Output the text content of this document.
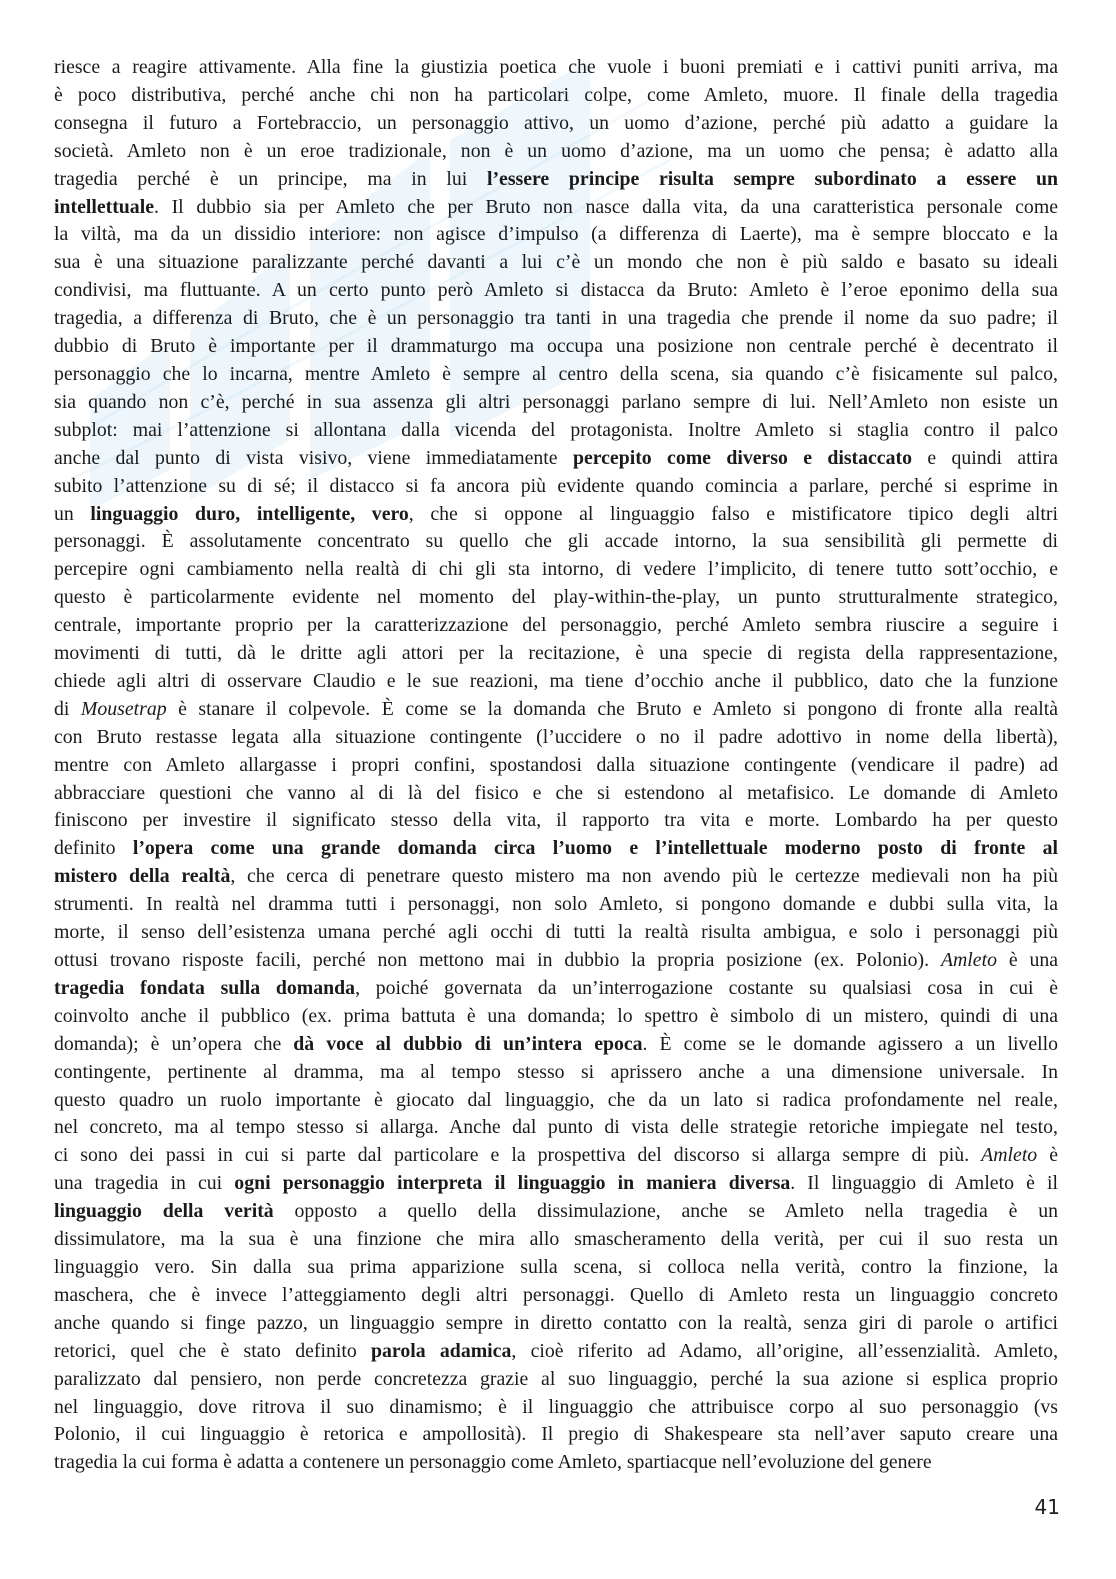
riesce a reagire attivamente. Alla fine la giustizia poetica che vuole i buoni premiati e i cattivi puniti arriva, ma
è poco distributiva, perché anche chi non ha particolari colpe, come Amleto, muore. Il finale della tragedia
consegna il futuro a Fortebraccio, un personaggio attivo, un uomo d’azione, perché più adatto a guidare la
società. Amleto non è un eroe tradizionale, non è un uomo d’azione, ma un uomo che pensa; è adatto alla
tragedia perché è un principe, ma in lui l’essere principe risulta sempre subordinato a essere un
intellettuale. Il dubbio sia per Amleto che per Bruto non nasce dalla vita, da una caratteristica personale come
la viltà, ma da un dissidio interiore: non agisce d’impulso (a differenza di Laerte), ma è sempre bloccato e la
sua è una situazione paralizzante perché davanti a lui c’è un mondo che non è più saldo e basato su ideali
condivisi, ma fluttuante. A un certo punto però Amleto si distacca da Bruto: Amleto è l’eroe eponimo della sua
tragedia, a differenza di Bruto, che è un personaggio tra tanti in una tragedia che prende il nome da suo padre; il
dubbio di Bruto è importante per il drammaturgo ma occupa una posizione non centrale perché è decentrato il
personaggio che lo incarna, mentre Amleto è sempre al centro della scena, sia quando c’è fisicamente sul palco,
sia quando non c’è, perché in sua assenza gli altri personaggi parlano sempre di lui. Nell’Amleto non esiste un
subplot: mai l’attenzione si allontana dalla vicenda del protagonista. Inoltre Amleto si staglia contro il palco
anche dal punto di vista visivo, viene immediatamente percepito come diverso e distaccato e quindi attira
subito l’attenzione su di sé; il distacco si fa ancora più evidente quando comincia a parlare, perché si esprime in
un linguaggio duro, intelligente, vero, che si oppone al linguaggio falso e mistificatore tipico degli altri
personaggi. È assolutamente concentrato su quello che gli accade intorno, la sua sensibilità gli permette di
percepire ogni cambiamento nella realtà di chi gli sta intorno, di vedere l’implicito, di tenere tutto sott’occhio, e
questo è particolarmente evidente nel momento del play-within-the-play, un punto strutturalmente strategico,
centrale, importante proprio per la caratterizzazione del personaggio, perché Amleto sembra riuscire a seguire i
movimenti di tutti, dà le dritte agli attori per la recitazione, è una specie di regista della rappresentazione,
chiede agli altri di osservare Claudio e le sue reazioni, ma tiene d’occhio anche il pubblico, dato che la funzione
di Mousetrap è stanare il colpevole. È come se la domanda che Bruto e Amleto si pongono di fronte alla realtà
con Bruto restasse legata alla situazione contingente (l’uccidere o no il padre adottivo in nome della libertà),
mentre con Amleto allargasse i propri confini, spostandosi dalla situazione contingente (vendicare il padre) ad
abbracciare questioni che vanno al di là del fisico e che si estendono al metafisico. Le domande di Amleto
finiscono per investire il significato stesso della vita, il rapporto tra vita e morte. Lombardo ha per questo
definito l’opera come una grande domanda circa l’uomo e l’intellettuale moderno posto di fronte al
mistero della realtà, che cerca di penetrare questo mistero ma non avendo più le certezze medievali non ha più
strumenti. In realtà nel dramma tutti i personaggi, non solo Amleto, si pongono domande e dubbi sulla vita, la
morte, il senso dell’esistenza umana perché agli occhi di tutti la realtà risulta ambigua, e solo i personaggi più
ottusi trovano risposte facili, perché non mettono mai in dubbio la propria posizione (ex. Polonio). Amleto è una
tragedia fondata sulla domanda, poiché governata da un’interrogazione costante su qualsiasi cosa in cui è
coinvolto anche il pubblico (ex. prima battuta è una domanda; lo spettro è simbolo di un mistero, quindi di una
domanda); è un’opera che dà voce al dubbio di un’intera epoca. È come se le domande agissero a un livello
contingente, pertinente al dramma, ma al tempo stesso si aprissero anche a una dimensione universale. In
questo quadro un ruolo importante è giocato dal linguaggio, che da un lato si radica profondamente nel reale,
nel concreto, ma al tempo stesso si allarga. Anche dal punto di vista delle strategie retoriche impiegate nel testo,
ci sono dei passi in cui si parte dal particolare e la prospettiva del discorso si allarga sempre di più. Amleto è
una tragedia in cui ogni personaggio interpreta il linguaggio in maniera diversa. Il linguaggio di Amleto è il
linguaggio della verità opposto a quello della dissimulazione, anche se Amleto nella tragedia è un
dissimulatore, ma la sua è una finzione che mira allo smascheramento della verità, per cui il suo resta un
linguaggio vero. Sin dalla sua prima apparizione sulla scena, si colloca nella verità, contro la finzione, la
maschera, che è invece l’atteggiamento degli altri personaggi. Quello di Amleto resta un linguaggio concreto
anche quando si finge pazzo, un linguaggio sempre in diretto contatto con la realtà, senza giri di parole o artifici
retorici, quel che è stato definito parola adamica, cioè riferito ad Adamo, all’origine, all’essenzialità. Amleto,
paralizzato dal pensiero, non perde concretezza grazie al suo linguaggio, perché la sua azione si esplica proprio
nel linguaggio, dove ritrova il suo dinamismo; è il linguaggio che attribuisce corpo al suo personaggio (vs
Polonio, il cui linguaggio è retorica e ampollosità). Il pregio di Shakespeare sta nell’aver saputo creare una
tragedia la cui forma è adatta a contenere un personaggio come Amleto, spartiacque nell’evoluzione del genere
41
